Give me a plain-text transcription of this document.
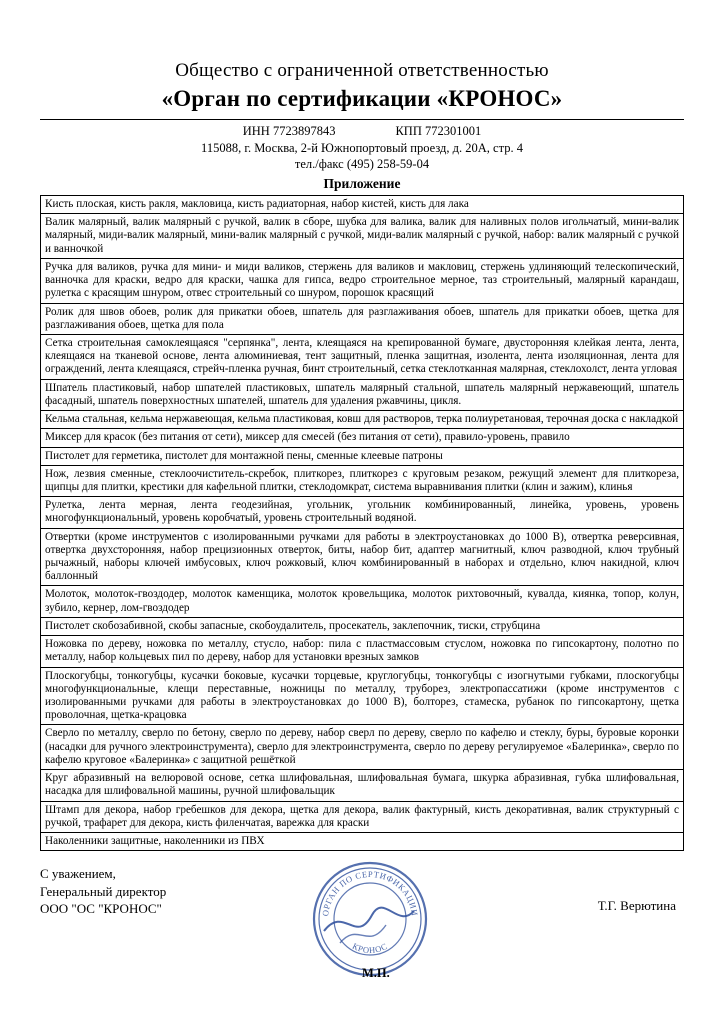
Общество с ограниченной ответственностью
«Орган по сертификации «КРОНОС»
ИНН 7723897843	КПП 772301001
115088, г. Москва, 2-й Южнопортовый проезд, д. 20А, стр. 4
тел./факс (495) 258-59-04
Приложение
Кисть плоская, кисть ракля, макловица, кисть радиаторная, набор кистей, кисть для лака
Валик малярный, валик малярный с ручкой, валик в сборе, шубка для валика, валик для наливных полов игольчатый, мини-валик малярный, миди-валик малярный, мини-валик малярный с ручкой, миди-валик малярный с ручкой, набор: валик малярный с ручкой и ванночкой
Ручка для валиков, ручка для мини- и миди валиков, стержень для валиков и макловиц, стержень удлиняющий телескопический, ванночка для краски, ведро для краски, чашка для гипса, ведро строительное мерное, таз строительный, малярный карандаш, рулетка с красящим шнуром, отвес строительный со шнуром, порошок красящий
Ролик для швов обоев, ролик для прикатки обоев, шпатель для разглаживания обоев, шпатель для прикатки обоев, щетка для разглаживания обоев, щетка для пола
Сетка строительная самоклеящаяся "серпянка", лента, клеящаяся на крепированной бумаге, двусторонняя клейкая лента, лента, клеящаяся на тканевой основе, лента алюминиевая, тент защитный, пленка защитная, изолента, лента изоляционная, лента для ограждений, лента клеящаяся, стрейч-пленка ручная, бинт строительный, сетка стеклотканная малярная, стеклохолст, лента угловая
Шпатель пластиковый, набор шпателей пластиковых, шпатель малярный стальной, шпатель малярный нержавеющий, шпатель фасадный, шпатель поверхностных шпателей, шпатель для удаления ржавчины, цикля.
Кельма стальная, кельма нержавеющая, кельма пластиковая, ковш для растворов, терка полиуретановая, терочная доска с накладкой
Миксер для красок (без питания от сети), миксер для смесей (без питания от сети), правило-уровень, правило
Пистолет для герметика, пистолет для монтажной пены, сменные клеевые патроны
Нож, лезвия сменные, стеклоочиститель-скребок, плиткорез, плиткорез с круговым резаком, режущий элемент для плиткореза, щипцы для плитки, крестики для кафельной плитки, стеклодомкрат, система выравнивания плитки (клин и зажим), клинья
Рулетка, лента мерная, лента геодезийная, угольник, угольник комбинированный, линейка, уровень, уровень многофункциональный, уровень коробчатый, уровень строительный водяной.
Отвертки (кроме инструментов с изолированными ручками для работы в электроустановках до 1000 В), отвертка реверсивная, отвертка двухсторонняя, набор прецизионных отверток, биты, набор бит, адаптер магнитный, ключ разводной, ключ трубный рычажный, наборы ключей имбусовых, ключ рожковый, ключ комбинированный в наборах и отдельно, ключ накидной, ключ баллонный
Молоток, молоток-гвоздодер, молоток каменщика, молоток кровельщика, молоток рихтовочный, кувалда, киянка, топор, колун, зубило, кернер, лом-гвоздодер
Пистолет скобозабивной, скобы запасные, скобоудалитель, просекатель, заклепочник, тиски, струбцина
Ножовка по дереву, ножовка по металлу, стусло, набор: пила с пластмассовым стуслом, ножовка по гипсокартону, полотно по металлу, набор кольцевых пил по дереву, набор для установки врезных замков
Плоскогубцы, тонкогубцы, кусачки боковые, кусачки торцевые, круглогубцы, тонкогубцы с изогнутыми губками, плоскогубцы многофункциональные, клещи переставные, ножницы по металлу, труборез, электропассатижи (кроме инструментов с изолированными ручками для работы в электроустановках до 1000 В), болторез, стамеска, рубанок по гипсокартону, щетка проволочная, щетка-крацовка
Сверло по металлу, сверло по бетону, сверло по дереву, набор сверл по дереву, сверло по кафелю и стеклу, буры, буровые коронки (насадки для ручного электроинструмента), сверло для электроинструмента, сверло по дереву регулируемое «Балеринка», сверло по кафелю круговое «Балеринка» с защитной решёткой
Круг абразивный на велюровой основе, сетка шлифовальная, шлифовальная бумага, шкурка абразивная, губка шлифовальная, насадка для шлифовальной машины, ручной шлифовальщик
Штамп для декора, набор гребешков для декора, щетка для декора, валик фактурный, кисть декоративная, валик структурный с ручкой, трафарет для декора, кисть филенчатая, варежка для краски
Наколенники защитные, наколенники из ПВХ
С уважением,
Генеральный директор
ООО "ОС "КРОНОС"	Т.Г. Верютина
ОРГАН ПО СЕРТИФИКАЦИИ
КРОНОС
М.П.
